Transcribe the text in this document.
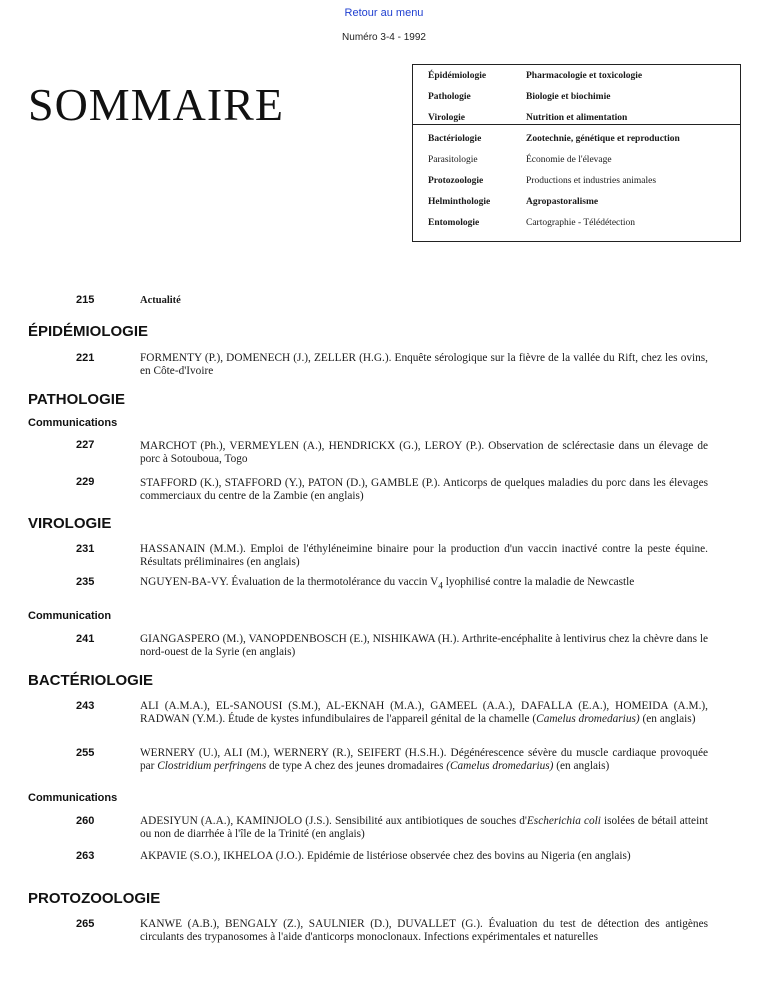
Retour au menu
Numéro 3-4 - 1992
SOMMAIRE
Épidémiologie	Pharmacologie et toxicologie
Pathologie	Biologie et biochimie
Virologie	Nutrition et alimentation
Bactériologie	Zootechnie, génétique et reproduction
Parasitologie	Économie de l'élevage
Protozoologie	Productions et industries animales
Helminthologie	Agropastoralisme
Entomologie	Cartographie - Télédétection
215	Actualité
ÉPIDÉMIOLOGIE
221	FORMENTY (P.), DOMENECH (J.), ZELLER (H.G.). Enquête sérologique sur la fièvre de la vallée du Rift, chez les ovins, en Côte-d'Ivoire
PATHOLOGIE
Communications
227	MARCHOT (Ph.), VERMEYLEN (A.), HENDRICKX (G.), LEROY (P.). Observation de sclérectasie dans un élevage de porc à Sotouboua, Togo
229	STAFFORD (K.), STAFFORD (Y.), PATON (D.), GAMBLE (P.). Anticorps de quelques maladies du porc dans les élevages commerciaux du centre de la Zambie (en anglais)
VIROLOGIE
231	HASSANAIN (M.M.). Emploi de l'éthyléneimine binaire pour la production d'un vaccin inactivé contre la peste équine. Résultats préliminaires (en anglais)
235	NGUYEN-BA-VY. Évaluation de la thermotolérance du vaccin $V_4$ lyophilisé contre la maladie de Newcastle
Communication
241	GIANGASPERO (M.), VANOPDENBOSCH (E.), NISHIKAWA (H.). Arthrite-encéphalite à lentivirus chez la chèvre dans le nord-ouest de la Syrie (en anglais)
BACTÉRIOLOGIE
243	ALI (A.M.A.), EL-SANOUSI (S.M.), AL-EKNAH (M.A.), GAMEEL (A.A.), DAFALLA (E.A.), HOMEIDA (A.M.), RADWAN (Y.M.). Étude de kystes infundibulaires de l'appareil génital de la chamelle (Camelus dromedarius) (en anglais)
255	WERNERY (U.), ALI (M.), WERNERY (R.), SEIFERT (H.S.H.). Dégénérescence sévère du muscle cardiaque provoquée par Clostridium perfringens de type A chez des jeunes dromadaires (Camelus dromedarius) (en anglais)
Communications
260	ADESIYUN (A.A.), KAMINJOLO (J.S.). Sensibilité aux antibiotiques de souches d'Escherichia coli isolées de bétail atteint ou non de diarrhée à l'île de la Trinité (en anglais)
263	AKPAVIE (S.O.), IKHELOA (J.O.). Epidémie de listériose observée chez des bovins au Nigeria (en anglais)
PROTOZOOLOGIE
265	KANWE (A.B.), BENGALY (Z.), SAULNIER (D.), DUVALLET (G.). Évaluation du test de détection des antigènes circulants des trypanosomes à l'aide d'anticorps monoclonaux. Infections expérimentales et naturelles
